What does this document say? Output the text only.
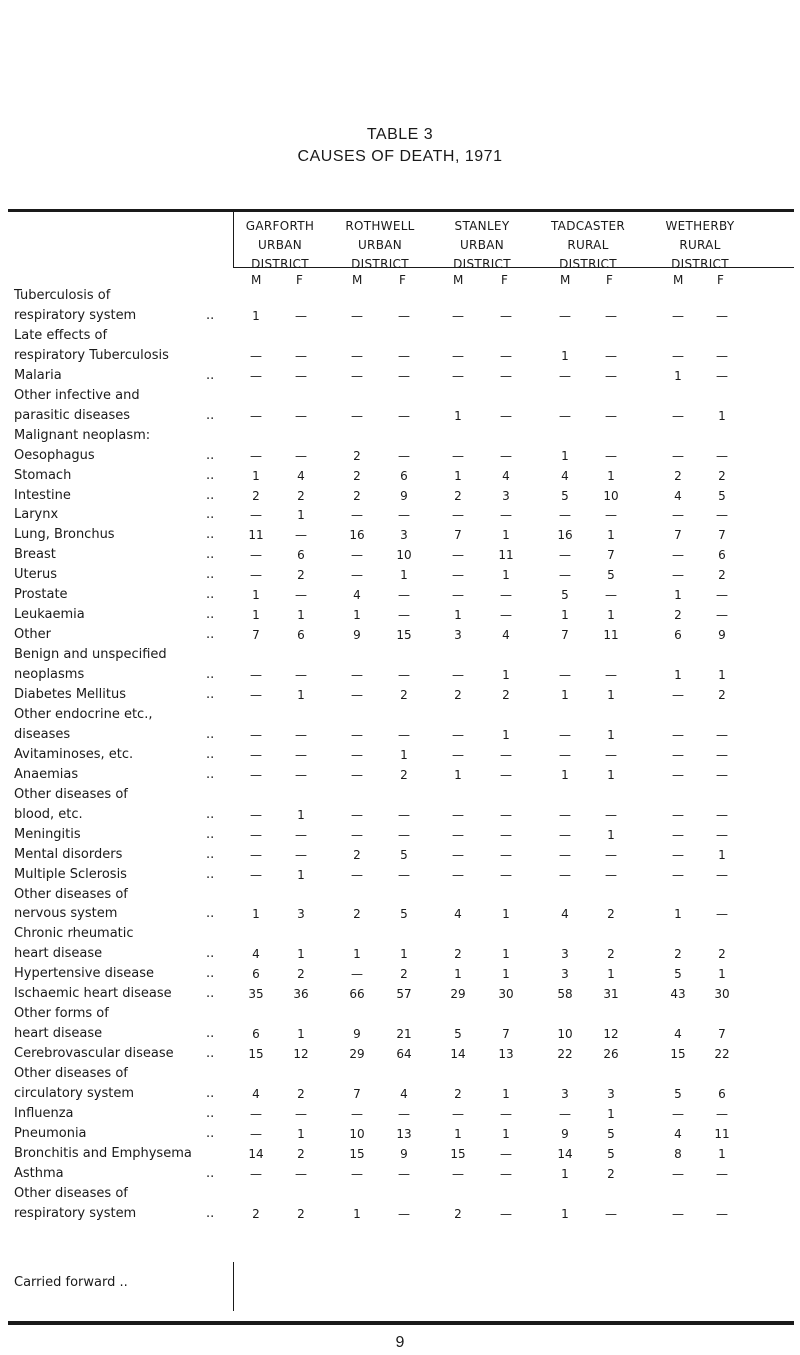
TABLE 3
CAUSES OF DEATH, 1971
GARFORTH
URBAN
DISTRICT
M	F
ROTHWELL
URBAN
DISTRICT
M	F
STANLEY
URBAN
DISTRICT
M	F
TADCASTER
RURAL
DISTRICT
M	F
WETHERBY
RURAL
DISTRICT
M	F
Tuberculosis of
respiratory system	..	1	—	—	—	—	—	—	—	—	—
Late effects of
respiratory Tuberculosis	—	—	—	—	—	—	1	—	—	—
Malaria	..	—	—	—	—	—	—	—	—	1	—
Other infective and
parasitic diseases	..	—	—	—	—	1	—	—	—	—	1
Malignant neoplasm:
Oesophagus	..	—	—	2	—	—	—	1	—	—	—
Stomach	..	1	4	2	6	1	4	4	1	2	2
Intestine	..	2	2	2	9	2	3	5	10	4	5
Larynx	..	—	1	—	—	—	—	—	—	—	—
Lung, Bronchus	..	11	—	16	3	7	1	16	1	7	7
Breast	..	—	6	—	10	—	11	—	7	—	6
Uterus	..	—	2	—	1	—	1	—	5	—	2
Prostate	..	1	—	4	—	—	—	5	—	1	—
Leukaemia	..	1	1	1	—	1	—	1	1	2	—
Other	..	7	6	9	15	3	4	7	11	6	9
Benign and unspecified
neoplasms	..	—	—	—	—	—	1	—	—	1	1
Diabetes Mellitus	..	—	1	—	2	2	2	1	1	—	2
Other endocrine etc.,
diseases	..	—	—	—	—	—	1	—	1	—	—
Avitaminoses, etc.	..	—	—	—	1	—	—	—	—	—	—
Anaemias	..	—	—	—	2	1	—	1	1	—	—
Other diseases of
blood, etc.	..	—	1	—	—	—	—	—	—	—	—
Meningitis	..	—	—	—	—	—	—	—	1	—	—
Mental disorders	..	—	—	2	5	—	—	—	—	—	1
Multiple Sclerosis	..	—	1	—	—	—	—	—	—	—	—
Other diseases of
nervous system	..	1	3	2	5	4	1	4	2	1	—
Chronic rheumatic
heart disease	..	4	1	1	1	2	1	3	2	2	2
Hypertensive disease	..	6	2	—	2	1	1	3	1	5	1
Ischaemic heart disease	..	35	36	66	57	29	30	58	31	43	30
Other forms of
heart disease	..	6	1	9	21	5	7	10	12	4	7
Cerebrovascular disease ..	15	12	29	64	14	13	22	26	15	22
Other diseases of
circulatory system	..	4	2	7	4	2	1	3	3	5	6
Influenza	..	—	—	—	—	—	—	—	1	—	—
Pneumonia	..	—	1	10	13	1	1	9	5	4	11
Bronchitis and Emphysema	14	2	15	9	15	—	14	5	8	1
Asthma	..	—	—	—	—	—	—	1	2	—	—
Other diseases of
respiratory system	..	2	2	1	—	2	—	1	—	—	—
Carried forward ..
9
